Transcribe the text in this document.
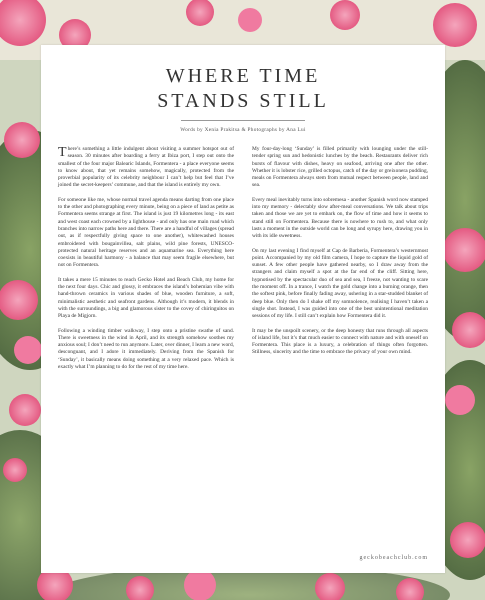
WHERE TIME
STANDS STILL
Words by Xenia Prakitsa & Photographs by Ana Lui

There’s something a little indulgent about visiting a summer hotspot out of season. 30 minutes after boarding a ferry at Ibiza port, I step out onto the smallest of the four major Balearic Islands, Formentera - a place everyone seems to know about, that yet remains somehow, magically, protected from the proverbial popularity of its celebrity neighbour I can’t help but feel that I’ve joined the secret-keepers’ commune, and that the island is entirely my own.

For someone like me, whose normal travel agenda means darting from one place to the other and photographing every minute, being on a piece of land as petite as Formentera seems strange at first. The island is just 19 kilometres long - its east and west coast each crowned by a lighthouse - and only has one main road which branches into narrow paths here and there. There are a handful of villages (spread out, as if respectfully giving space to one another), whitewashed houses embroidered with bougainvillea, salt plains, wild pine forests, UNESCO-protected natural heritage reserves and an aquamarine sea. Everything here coexists in beautiful harmony - a balance that may seem fragile elsewhere, but not on Formentera.

It takes a mere 15 minutes to reach Gecko Hotel and Beach Club, my home for the next four days. Chic and glossy, it embraces the island’s bohemian vibe with hand-thrown ceramics in various shades of blue, wooden furniture, a soft, minimalistic aesthetic and seafront gardens. Although it’s modern, it blends in with the surroundings, a big and glamorous sister to the covey of chiringuitos on Playa de Migjorn.

Following a winding timber walkway, I step onto a pristine swathe of sand. There is sweetness in the wind in April, and its strength somehow soothes my anxious soul; I don’t need to run anymore. Later, over dinner, I learn a new word, desconguant, and I adore it immediately. Deriving from the Spanish for ‘Sunday’, it basically means doing something at a very relaxed pace. Which is exactly what I’m planning to do for the rest of my time here.

My four-day-long ‘Sunday’ is filled primarily with lounging under the still-tender spring sun and hedonistic lunches by the beach. Restaurants deliver rich bursts of flavour with dishes, heavy on seafood, arriving one after the other. Whether it is lobster rice, grilled octopus, catch of the day or greixonera pudding, meals on Formentera always stem from mutual respect between people, land and sea.

Every meal inevitably turns into sobremesa - another Spanish word now stamped into my memory - delectably slow after-meal conversations. We talk about trips taken and those we are yet to embark on, the flow of time and how it seems to stand still on Formentera. Because there is nowhere to rush to, and what only lasts a moment in the outside world can be long and syrupy here, drawing you in with its idle sweetness.

On my last evening I find myself at Cap de Barberia, Formentera’s westernmost point. Accompanied by my old film camera, I hope to capture the liquid gold of sunset. A few other people have gathered nearby, so I draw away from the strangers and claim myself a spot at the far end of the cliff. Sitting here, hypnotised by the spectacular duo of sea and sea, I freeze, not wanting to scare the moment off. In a trance, I watch the gold change into a burning orange, then the softest pink, before finally fading away, ushering in a star-studded blanket of deep blue. Only then do I shake off my somnolence, realising I haven’t taken a single shot. Instead, I was guided into one of the best unintentional meditation sessions of my life. I still can’t explain how Formentera did it.

It may be the unspoilt scenery, or the deep honesty that runs through all aspects of island life, but it’s that much easier to connect with nature and with oneself on Formentera. This place is a luxury, a celebration of things often forgotten. Stillness, sincerity and the time to embrace the privacy of your own mind.

geckobeachclub.com
